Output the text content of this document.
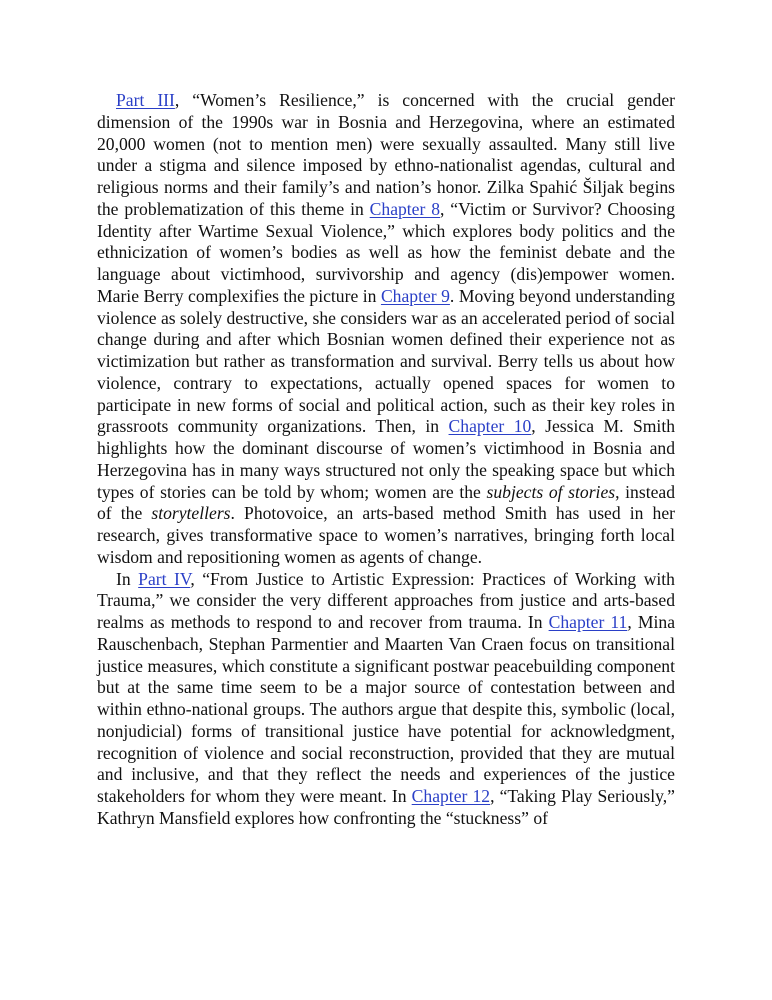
Part III, “Women’s Resilience,” is concerned with the crucial gender dimension of the 1990s war in Bosnia and Herzegovina, where an estimated 20,000 women (not to mention men) were sexually assaulted. Many still live under a stigma and silence imposed by ethno-nationalist agendas, cultural and religious norms and their family’s and nation’s honor. Zilka Spahić Šiljak begins the problematization of this theme in Chapter 8, “Victim or Survivor? Choosing Identity after Wartime Sexual Violence,” which explores body politics and the ethnicization of women’s bodies as well as how the feminist debate and the language about victimhood, survivorship and agency (dis)empower women. Marie Berry complexifies the picture in Chapter 9. Moving beyond understanding violence as solely destructive, she considers war as an accelerated period of social change during and after which Bosnian women defined their experience not as victimization but rather as transformation and survival. Berry tells us about how violence, contrary to expectations, actually opened spaces for women to participate in new forms of social and political action, such as their key roles in grassroots community organizations. Then, in Chapter 10, Jessica M. Smith highlights how the dominant discourse of women’s victimhood in Bosnia and Herzegovina has in many ways structured not only the speaking space but which types of stories can be told by whom; women are the subjects of stories, instead of the storytellers. Photovoice, an arts-based method Smith has used in her research, gives transformative space to women’s narratives, bringing forth local wisdom and repositioning women as agents of change.

In Part IV, “From Justice to Artistic Expression: Practices of Working with Trauma,” we consider the very different approaches from justice and arts-based realms as methods to respond to and recover from trauma. In Chapter 11, Mina Rauschenbach, Stephan Parmentier and Maarten Van Craen focus on transitional justice measures, which constitute a significant postwar peacebuilding component but at the same time seem to be a major source of contestation between and within ethno-national groups. The authors argue that despite this, symbolic (local, nonjudicial) forms of transitional justice have potential for acknowledgment, recognition of violence and social reconstruction, provided that they are mutual and inclusive, and that they reflect the needs and experiences of the justice stakeholders for whom they were meant. In Chapter 12, “Taking Play Seriously,” Kathryn Mansfield explores how confronting the “stuckness” of
